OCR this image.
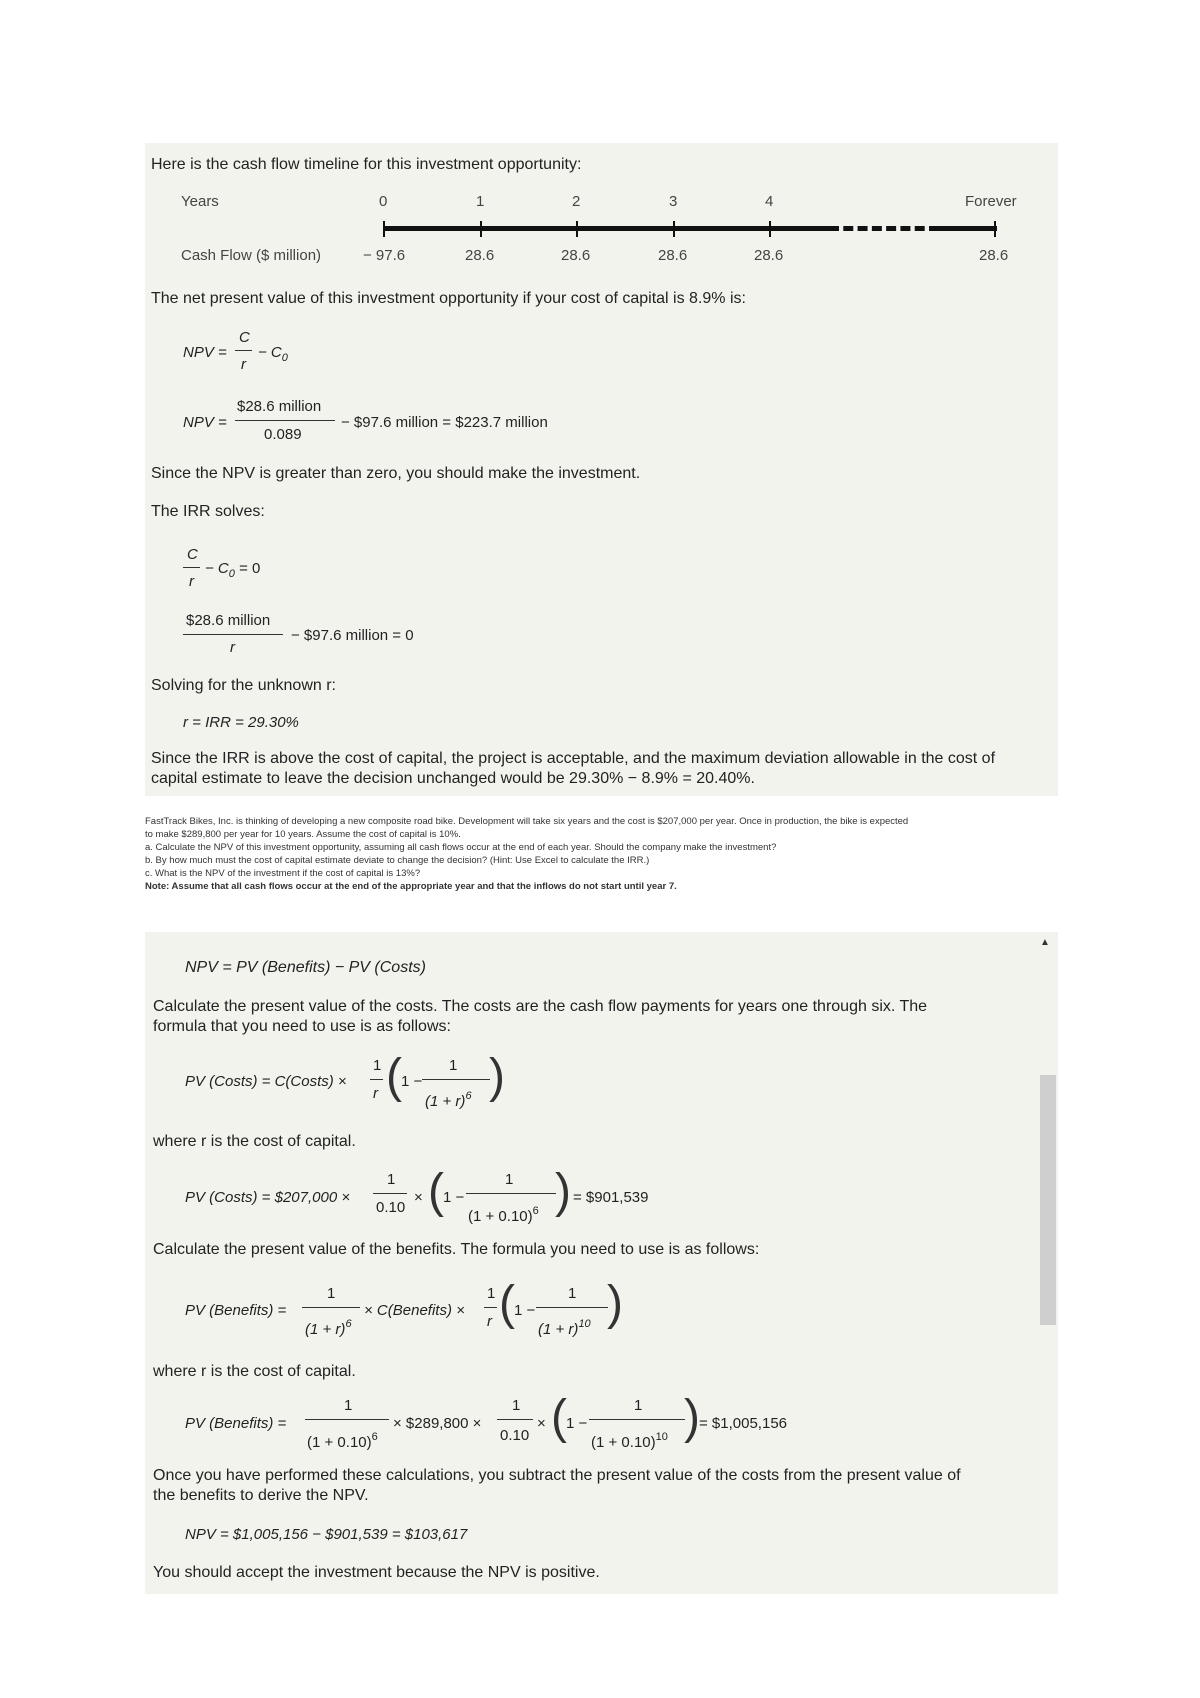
Here is the cash flow timeline for this investment opportunity:
Years	0	1	2	3	4	Forever
Cash Flow ($ million)	− 97.6	28.6	28.6	28.6	28.6	28.6
The net present value of this investment opportunity if your cost of capital is 8.9% is:
NPV =
C
r
− $C_0$
NPV =
$28.6 million
0.089
− $97.6 million = $223.7 million
Since the NPV is greater than zero, you should make the investment.
The IRR solves:
C
r
− $C_0 = 0$
$28.6 million
r
− $97.6 million = 0
Solving for the unknown r:
r = IRR = 29.30%
Since the IRR is above the cost of capital, the project is acceptable, and the maximum deviation allowable in the cost of
capital estimate to leave the decision unchanged would be 29.30% − 8.9% = 20.40%.
FastTrack Bikes, Inc. is thinking of developing a new composite road bike. Development will take six years and the cost is $207,000 per year. Once in production, the bike is expected
to make $289,800 per year for 10 years. Assume the cost of capital is 10%.
a. Calculate the NPV of this investment opportunity, assuming all cash flows occur at the end of each year. Should the company make the investment?
b. By how much must the cost of capital estimate deviate to change the decision? (Hint: Use Excel to calculate the IRR.)
c. What is the NPV of the investment if the cost of capital is 13%?
Note: Assume that all cash flows occur at the end of the appropriate year and that the inflows do not start until year 7.
▲
NPV = PV (Benefits) − PV (Costs)
Calculate the present value of the costs. The costs are the cash flow payments for years one through six. The
formula that you need to use is as follows:
PV (Costs) = C(Costs) ×
1
r ( 1 −
1
$(1 + r)^6$ )
where r is the cost of capital.
PV (Costs) = $207,000 ×
1
0.10
× ( 1 −
1
$(1 + 0.10)^6$ ) = $901,539
Calculate the present value of the benefits. The formula you need to use is as follows:
PV (Benefits) =
1
$(1 + r)^6$
× C(Benefits) ×
1
r ( 1 −
1
$(1 + r)^{10}$ )
where r is the cost of capital.
PV (Benefits) =
1
$(1 + 0.10)^6$
× $289,800 ×
1
0.10
× ( 1 −
1
$(1 + 0.10)^{10}$ ) = $1,005,156
Once you have performed these calculations, you subtract the present value of the costs from the present value of
the benefits to derive the NPV.
NPV = $1,005,156 − $901,539 = $103,617
You should accept the investment because the NPV is positive.
